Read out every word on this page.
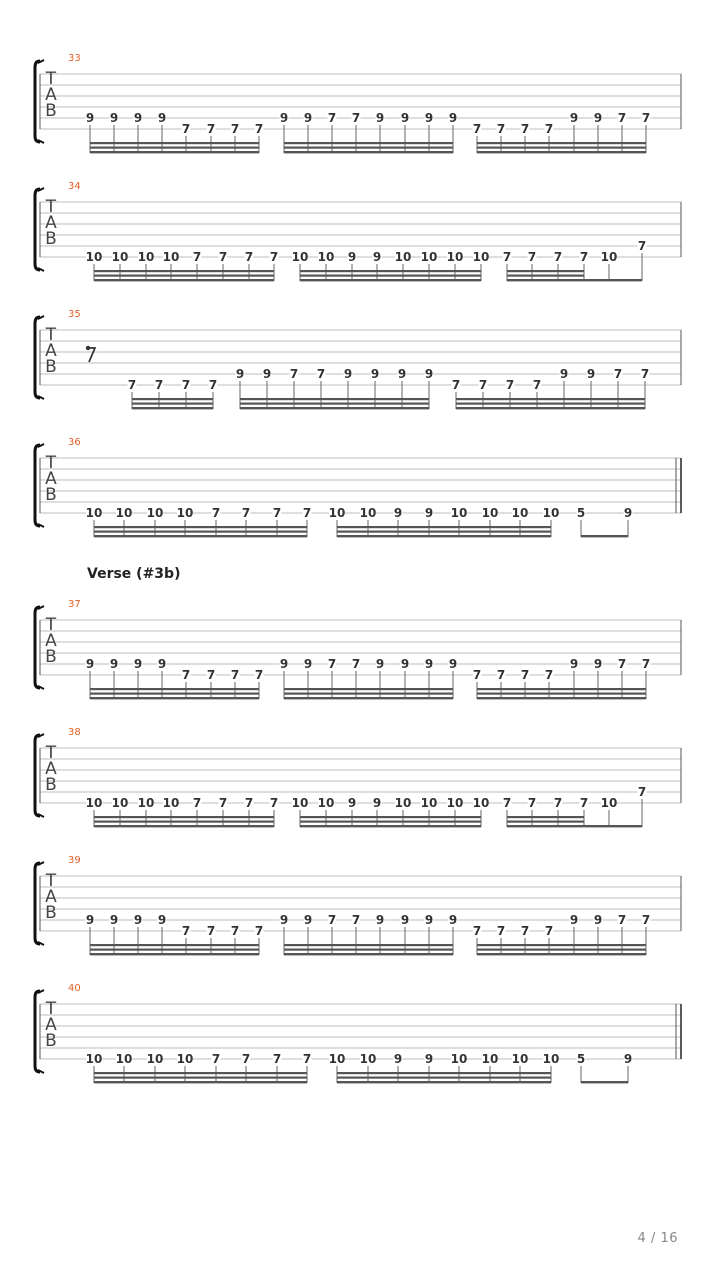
T
A
B
33
9 9 9 9
7 7 7 7
9 9 7 7 9 9 9 9
7 7 7 7
9 9 7 7
T
A
B
34
10 10 10 10 7 7 7 7 10 10 9 9 10 10 10 10 7 7 7 7 10
7
T
A
B
35
7 7 7 7
9 9 7 7 9 9 9 9
7 7 7 7
9 9 7 7
T
A
B
36
10 10 10 10 7 7 7 7 10 10 9 9 10 10 10 10 5	9
T
A
B
37
9 9 9 9
7 7 7 7
9 9 7 7 9 9 9 9
7 7 7 7
9 9 7 7
T
A
B
38
10 10 10 10 7 7 7 7 10 10 9 9 10 10 10 10 7 7 7 7 10
7
T
A
B
39
9 9 9 9
7 7 7 7
9 9 7 7 9 9 9 9
7 7 7 7
9 9 7 7
T
A
B
40
10 10 10 10 7 7 7 7 10 10 9 9 10 10 10 10 5	9
Verse (#3b)
4 / 16
